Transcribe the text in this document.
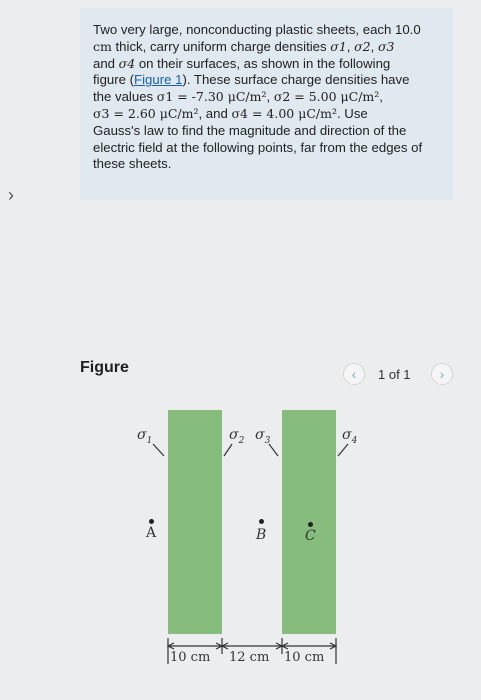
›

Two very large, nonconducting plastic sheets, each 10.0

cm thick, carry uniform charge densities σ1, σ2, σ3

and σ4 on their surfaces, as shown in the following

figure (Figure 1). These surface charge densities have

the values σ1 = -7.30 μC/m², σ2 = 5.00 μC/m²,

σ3 = 2.60 μC/m², and σ4 = 4.00 μC/m². Use

Gauss's law to find the magnitude and direction of the

electric field at the following points, far from the edges of

these sheets.

Figure	‹	1 of 1	›
$\sigma_1$	$\sigma_2$ $\sigma_3$	$\sigma_4$
A	B	C
10 cm 12 cm 10 cm
